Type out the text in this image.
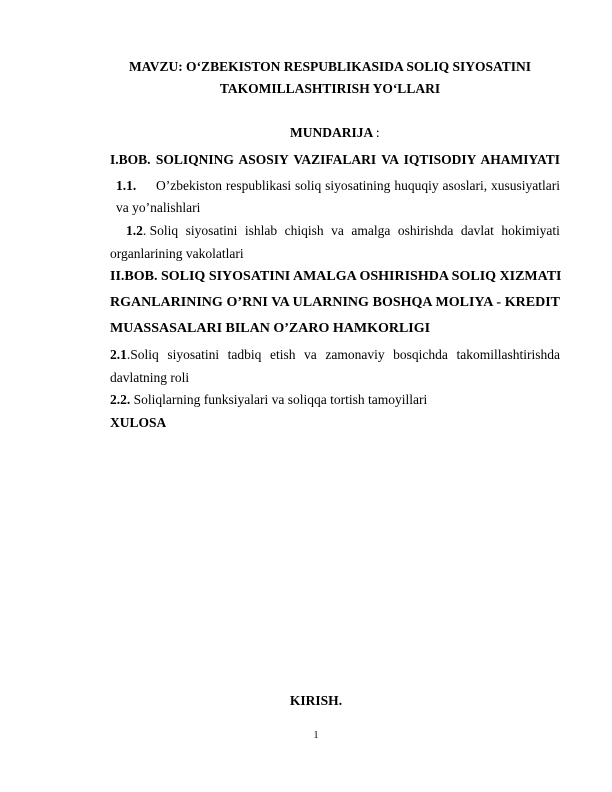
MAVZU: O‘ZBEKISTON RESPUBLIKASIDA SOLIQ SIYOSATINI
TAKOMILLASHTIRISH YO‘LLARI
MUNDARIJA :
I.BOB. SOLIQNING ASOSIY VAZIFALARI VA IQTISODIY AHAMIYATI
1.1. O’zbekiston respublikasi soliq siyosatining huquqiy asoslari, xususiyatlari
va yo’nalishlari
1.2. Soliq siyosatini ishlab chiqish va amalga oshirishda davlat hokimiyati
organlarining vakolatlari
II.BOB. SOLIQ SIYOSATINI AMALGA OSHIRISHDA SOLIQ XIZMATI
RGANLARINING O’RNI VA ULARNING BOSHQA MOLIYA - KREDIT
MUASSASALARI BILAN O’ZARO HAMKORLIGI
2.1.Soliq siyosatini tadbiq etish va zamonaviy bosqichda takomillashtirishda
davlatning roli
2.2. Soliqlarning funksiyalari va soliqqa tortish tamoyillari
XULOSA
KIRISH.
1
